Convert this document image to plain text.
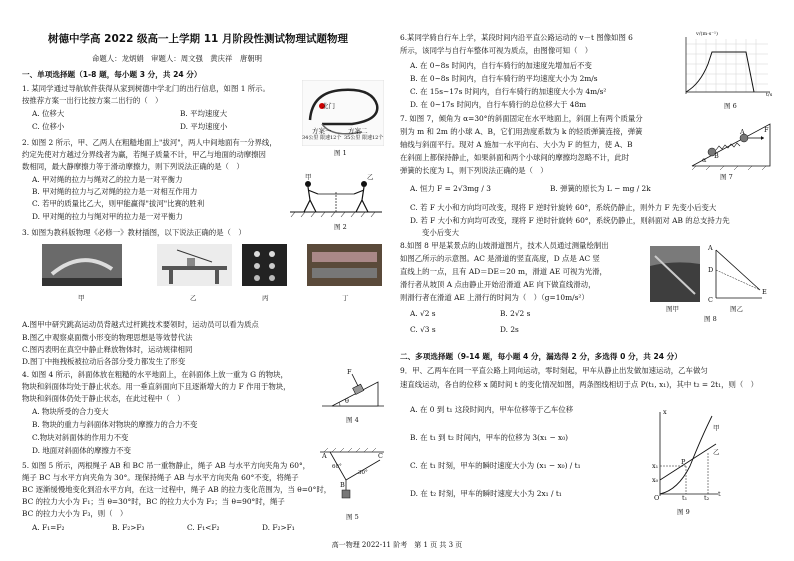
树德中学高 2022 级高一上学期 11 月阶段性测试物理试题物理
命题人：龙炳娟　审题人：周文强　黄庆祥　唐朝明
一、单项选择题（1-8 题，每小题 3 分，共 24 分）
1. 某同学通过导航软件获得从家到树德中学北门的出行信息，如图 1 所示。
按推荐方案一出行比按方案二出行的（　）
A. 位移大	B. 平均速度大
C. 位移小	D. 平均速度小
北门
方案一	方案二
34公里 限速12个 35公里 限速12个
图 1
2. 如图 2 所示，甲、乙两人在粗糙地面上"拔河"，两人中间地面有一分界线，
约定先使对方越过分界线者为赢，若绳子质量不计，甲乙与地面的动摩擦因
数相同，最大静摩擦力等于滑动摩擦力，则下列说法正确的是（　）
A. 甲对绳的拉力与绳对乙的拉力是一对平衡力
B. 甲对绳的拉力与乙对绳的拉力是一对相互作用力
C. 若甲的质量比乙大，则甲能赢得"拔河"比赛的胜利
D. 甲对绳的拉力与绳对甲的拉力是一对平衡力
甲	乙
图 2
3. 如图为教科版物理《必修一》教材插图，以下说法正确的是（　）
甲	乙	丙	丁
A.图甲中研究跳高运动员背越式过杆跳技术要领时，运动员可以看为质点
B.图乙中观察桌面微小形变的物理思想是等效替代法
C.图丙表明在真空中静止释放物体时，运动规律相同
D.图丁中拖拽板被拉动后各部分受力都发生了形变
4. 如图 4 所示，斜面体放在粗糙的水平地面上，在斜面体上放一重为 G 的物块，
物块和斜面体均处于静止状态。用一垂直斜面向下且逐渐增大的力 F 作用于物块，
物块和斜面体仍处于静止状态，在此过程中（　）
A. 物块所受的合力变大
B. 物块的重力与斜面体对物块的摩擦力的合力不变
C.物块对斜面体的作用力不变
D. 地面对斜面体的摩擦力不变
F
θ
图 4
5. 如图 5 所示，两根绳子 AB 和 BC 吊一重物静止，绳子 AB 与水平方向夹角为 60°，
绳子 BC 与水平方向夹角为 30°。现保持绳子 AB 与水平方向夹角 60°不变，将绳子
BC 逐渐缓慢地变化到沿水平方向，在这一过程中，绳子 AB 的拉力变化范围为，当 θ=0°时，
BC 的拉力大小为 F₁；当 θ=30°时，BC 的拉力大小为 F₂；当 θ=90°时，绳子
BC 的拉力大小为 F₃，则（　）
A. F₁=F₂	B. F₂>F₃	C. F₁<F₂	D. F₂>F₁
A
B
C
60°
30°
图 5
6.某同学骑自行车上学，某段时间内沿平直公路运动的 v－t 图像如图 6
所示，该同学与自行车整体可视为质点，由图像可知（　）
A. 在 0~8s 时间内，自行车骑行的加速度先增加后不变
B. 在 0~8s 时间内，自行车骑行的平均速度大小为 2m/s
C. 在 15s~17s 时间内，自行车骑行的加速度大小为 4m/s²
D. 在 0~17s 时间内，自行车骑行的总位移大于 48m
v/(m·s⁻¹)
t/s
图 6
7. 如图 7，倾角为 α=30°的斜面固定在水平地面上，斜面上有两个质量分
别为 m 和 2m 的小球 A、B，它们用劲度系数为 k 的轻质弹簧连接，弹簧
轴线与斜面平行。现对 A 施加一水平向右、大小为 F 的恒力，使 A、B
在斜面上都保持静止，如果斜面和两个小球间的摩擦均忽略不计，此时
弹簧的长度为 L，则下列说法正确的是（　）
A. 恒力 F = 2√3mg / 3	B. 弹簧的原长为 L − mg / 2k
C. 若 F 大小和方向均可改变，现将 F 逆时针旋转 60°，系统仍静止，则外力 F 先变小后变大
D. 若 F 大小和方向均可改变，现将 F 逆时针旋转 60°，系统仍静止，则斜面对 AB 的总支持力先
变小后变大
B
A	F
α
图 7
8.如图 8 甲是某景点的山坡滑道图片，技术人员通过测量绘制出
如图乙所示的示意图。AC 是滑道的竖直高度，D 点是 AC 竖
直线上的一点，且有 AD＝DE＝20 m，滑道 AE 可视为光滑，
滑行者从坡顶 A 点由静止开始沿滑道 AE 向下做直线滑动，
则滑行者在滑道 AE 上滑行的时间为（　）（g=10m/s²）
A. √2 s	B. 2√2 s
C. √3 s	D. 2s
A
D
C
E
图甲	图乙
图 8
二、多项选择题（9-14 题，每小题 4 分，漏选得 2 分，多选得 0 分，共 24 分）
9．甲、乙两车在同一平直公路上同向运动，零时刻起，甲车从静止出发做加速运动，乙车做匀
速直线运动，各自的位移 x 随时间 t 的变化情况如图，两条图线相切于点 P(t₁, x₁)，其中 t₂ = 2t₁，则（　）
A. 在 0 到 t₁ 这段时间内，甲车位移等于乙车位移
B. 在 t₁ 到 t₂ 时间内，甲车的位移为 3(x₁ − x₀)
C. 在 t₁ 时刻，甲车的瞬时速度大小为 (x₁ − x₀) / t₁
D. 在 t₂ 时刻，甲车的瞬时速度大小为 2x₁ / t₁
x
x₁
x₀
O	t₁	t₂ t
甲
乙
P
图 9
高一物理 2022-11 阶考　第 1 页 共 3 页
